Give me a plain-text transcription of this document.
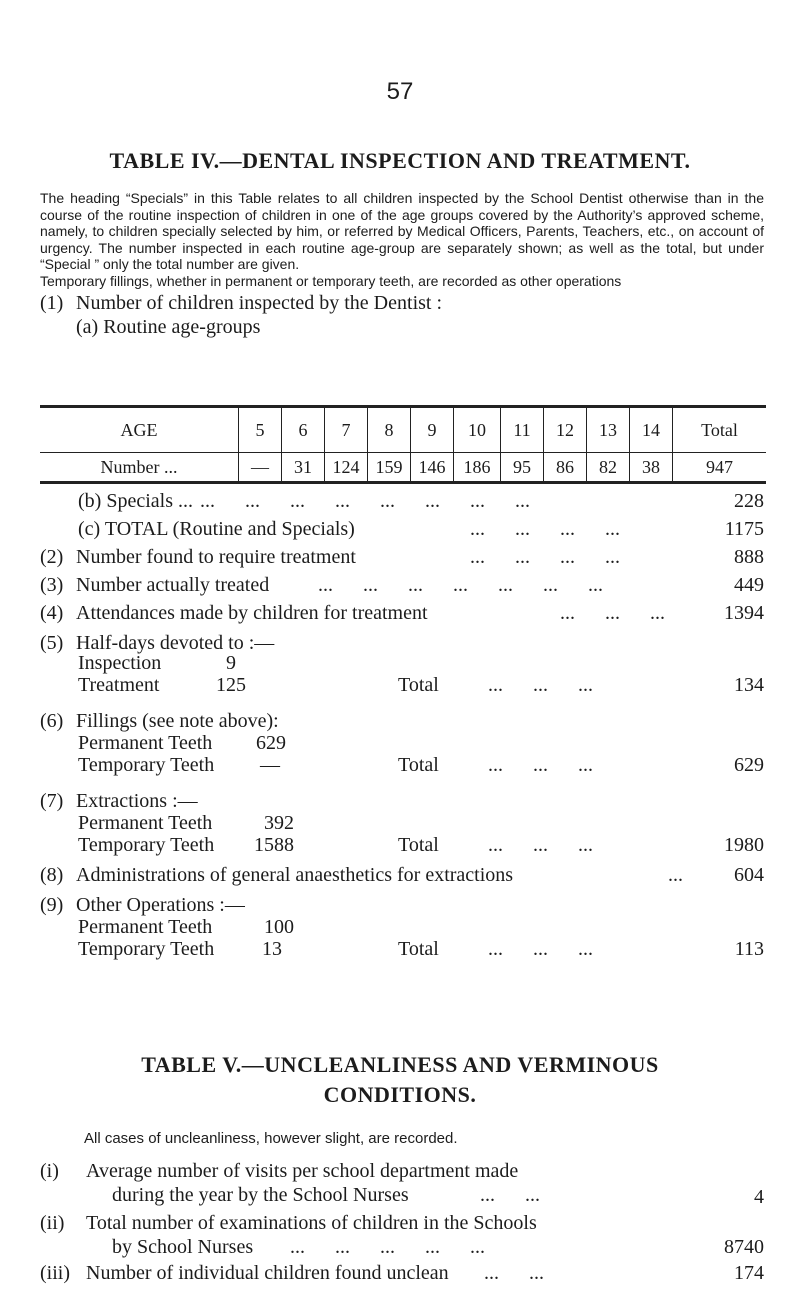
57
TABLE IV.—DENTAL INSPECTION AND TREATMENT.

The heading “Specials” in this Table relates to all children inspected by the School Dentist otherwise than in the course of the routine inspection of children in one of the age groups covered by the Authority’s approved scheme, namely, to children specially selected by him, or referred by Medical Officers, Parents, Teachers, etc., on account of urgency. The number inspected in each routine age-group are separately shown; as well as the total, but under “Special ” only the total number are given.

Temporary fillings, whether in permanent or temporary teeth, are recorded as other operations

(1) Number of children inspected by the Dentist :
(a) Routine age-groups
AGE	5	6	7	8	9	10	11	12	13	14	Total
Number ...	—	31	124	159	146	186	95	86	82	38	947
(b) Specials ... ...      ...      ...      ...      ...      ...      ...      ...	228
(c) TOTAL (Routine and Specials)	...      ...      ...      ...	1175
(2) Number found to require treatment	...      ...      ...      ...	888
(3) Number actually treated ...      ...      ...      ...      ...      ...      ...	449
(4) Attendances made by children for treatment	...      ...      ...	1394
(5) Half-days devoted to :—
Inspection	9
Treatment	125	Total ...      ...      ...	134
(6) Fillings (see note above):
Permanent Teeth	629
Temporary Teeth	—	Total ...      ...      ...	629
(7) Extractions :—
Permanent Teeth	392
Temporary Teeth 1588	Total ...      ...      ...	1980
(8) Administrations of general anaesthetics for extractions	...	604
(9) Other Operations :—
Permanent Teeth	100
Temporary Teeth	13	Total ...      ...      ...	113
TABLE V.—UNCLEANLINESS AND VERMINOUS
CONDITIONS.
All cases of uncleanliness, however slight, are recorded.
(i) Average number of visits per school department made
during the year by the School Nurses	...      ...	4
(ii) Total number of examinations of children in the Schools
by School Nurses ...      ...      ...      ...      ...	8740
(iii) Number of individual children found unclean ...      ...	174
